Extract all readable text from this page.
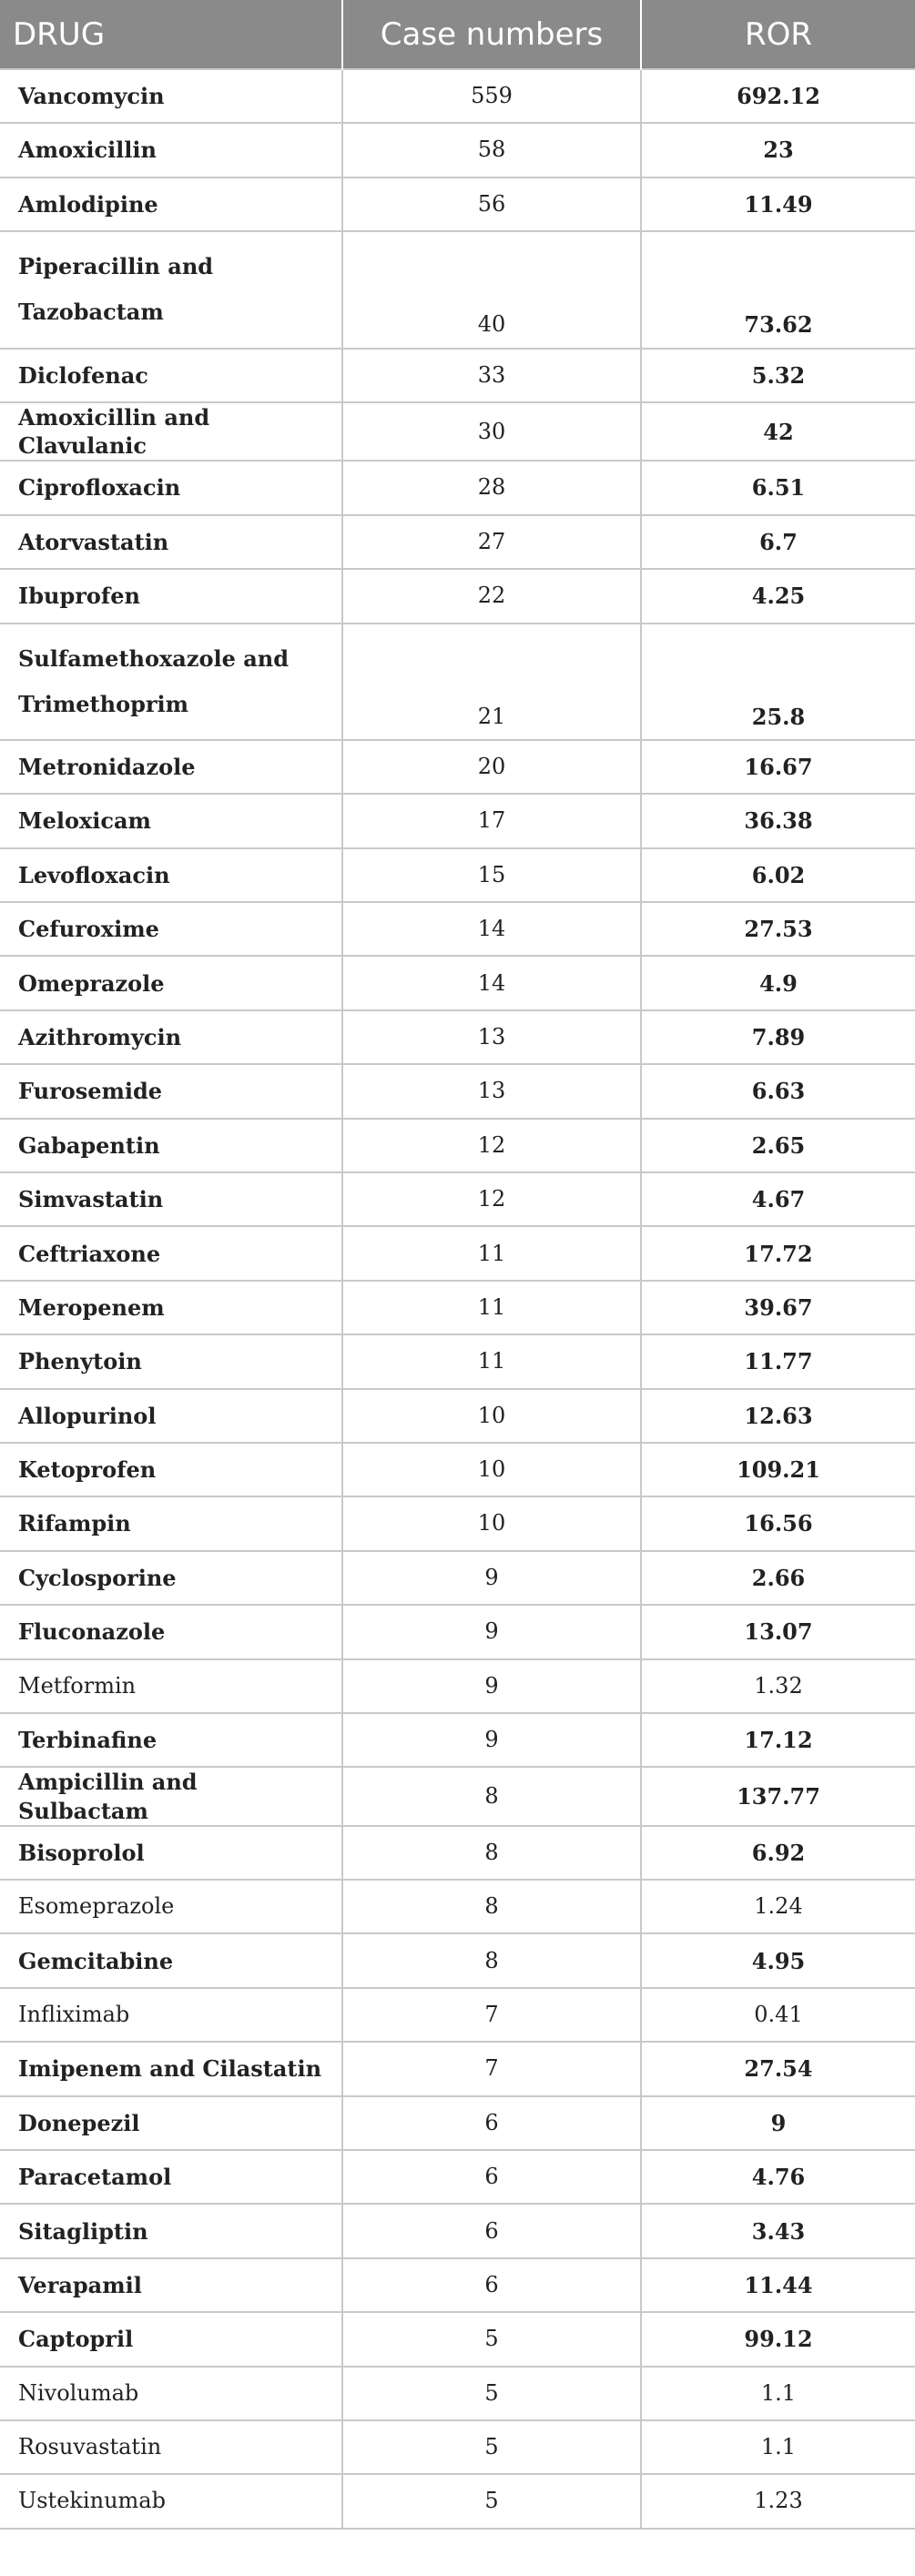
DRUG	Case numbers	ROR
Vancomycin	559	692.12
Amoxicillin	58	23
Amlodipine	56	11.49
Piperacillin and Tazobactam	40	73.62
Diclofenac	33	5.32
Amoxicillin and Clavulanic	30	42
Ciprofloxacin	28	6.51
Atorvastatin	27	6.7
Ibuprofen	22	4.25
Sulfamethoxazole and Trimethoprim	21	25.8
Metronidazole	20	16.67
Meloxicam	17	36.38
Levofloxacin	15	6.02
Cefuroxime	14	27.53
Omeprazole	14	4.9
Azithromycin	13	7.89
Furosemide	13	6.63
Gabapentin	12	2.65
Simvastatin	12	4.67
Ceftriaxone	11	17.72
Meropenem	11	39.67
Phenytoin	11	11.77
Allopurinol	10	12.63
Ketoprofen	10	109.21
Rifampin	10	16.56
Cyclosporine	9	2.66
Fluconazole	9	13.07
Metformin	9	1.32
Terbinafine	9	17.12
Ampicillin and Sulbactam	8	137.77
Bisoprolol	8	6.92
Esomeprazole	8	1.24
Gemcitabine	8	4.95
Infliximab	7	0.41
Imipenem and Cilastatin	7	27.54
Donepezil	6	9
Paracetamol	6	4.76
Sitagliptin	6	3.43
Verapamil	6	11.44
Captopril	5	99.12
Nivolumab	5	1.1
Rosuvastatin	5	1.1
Ustekinumab	5	1.23
